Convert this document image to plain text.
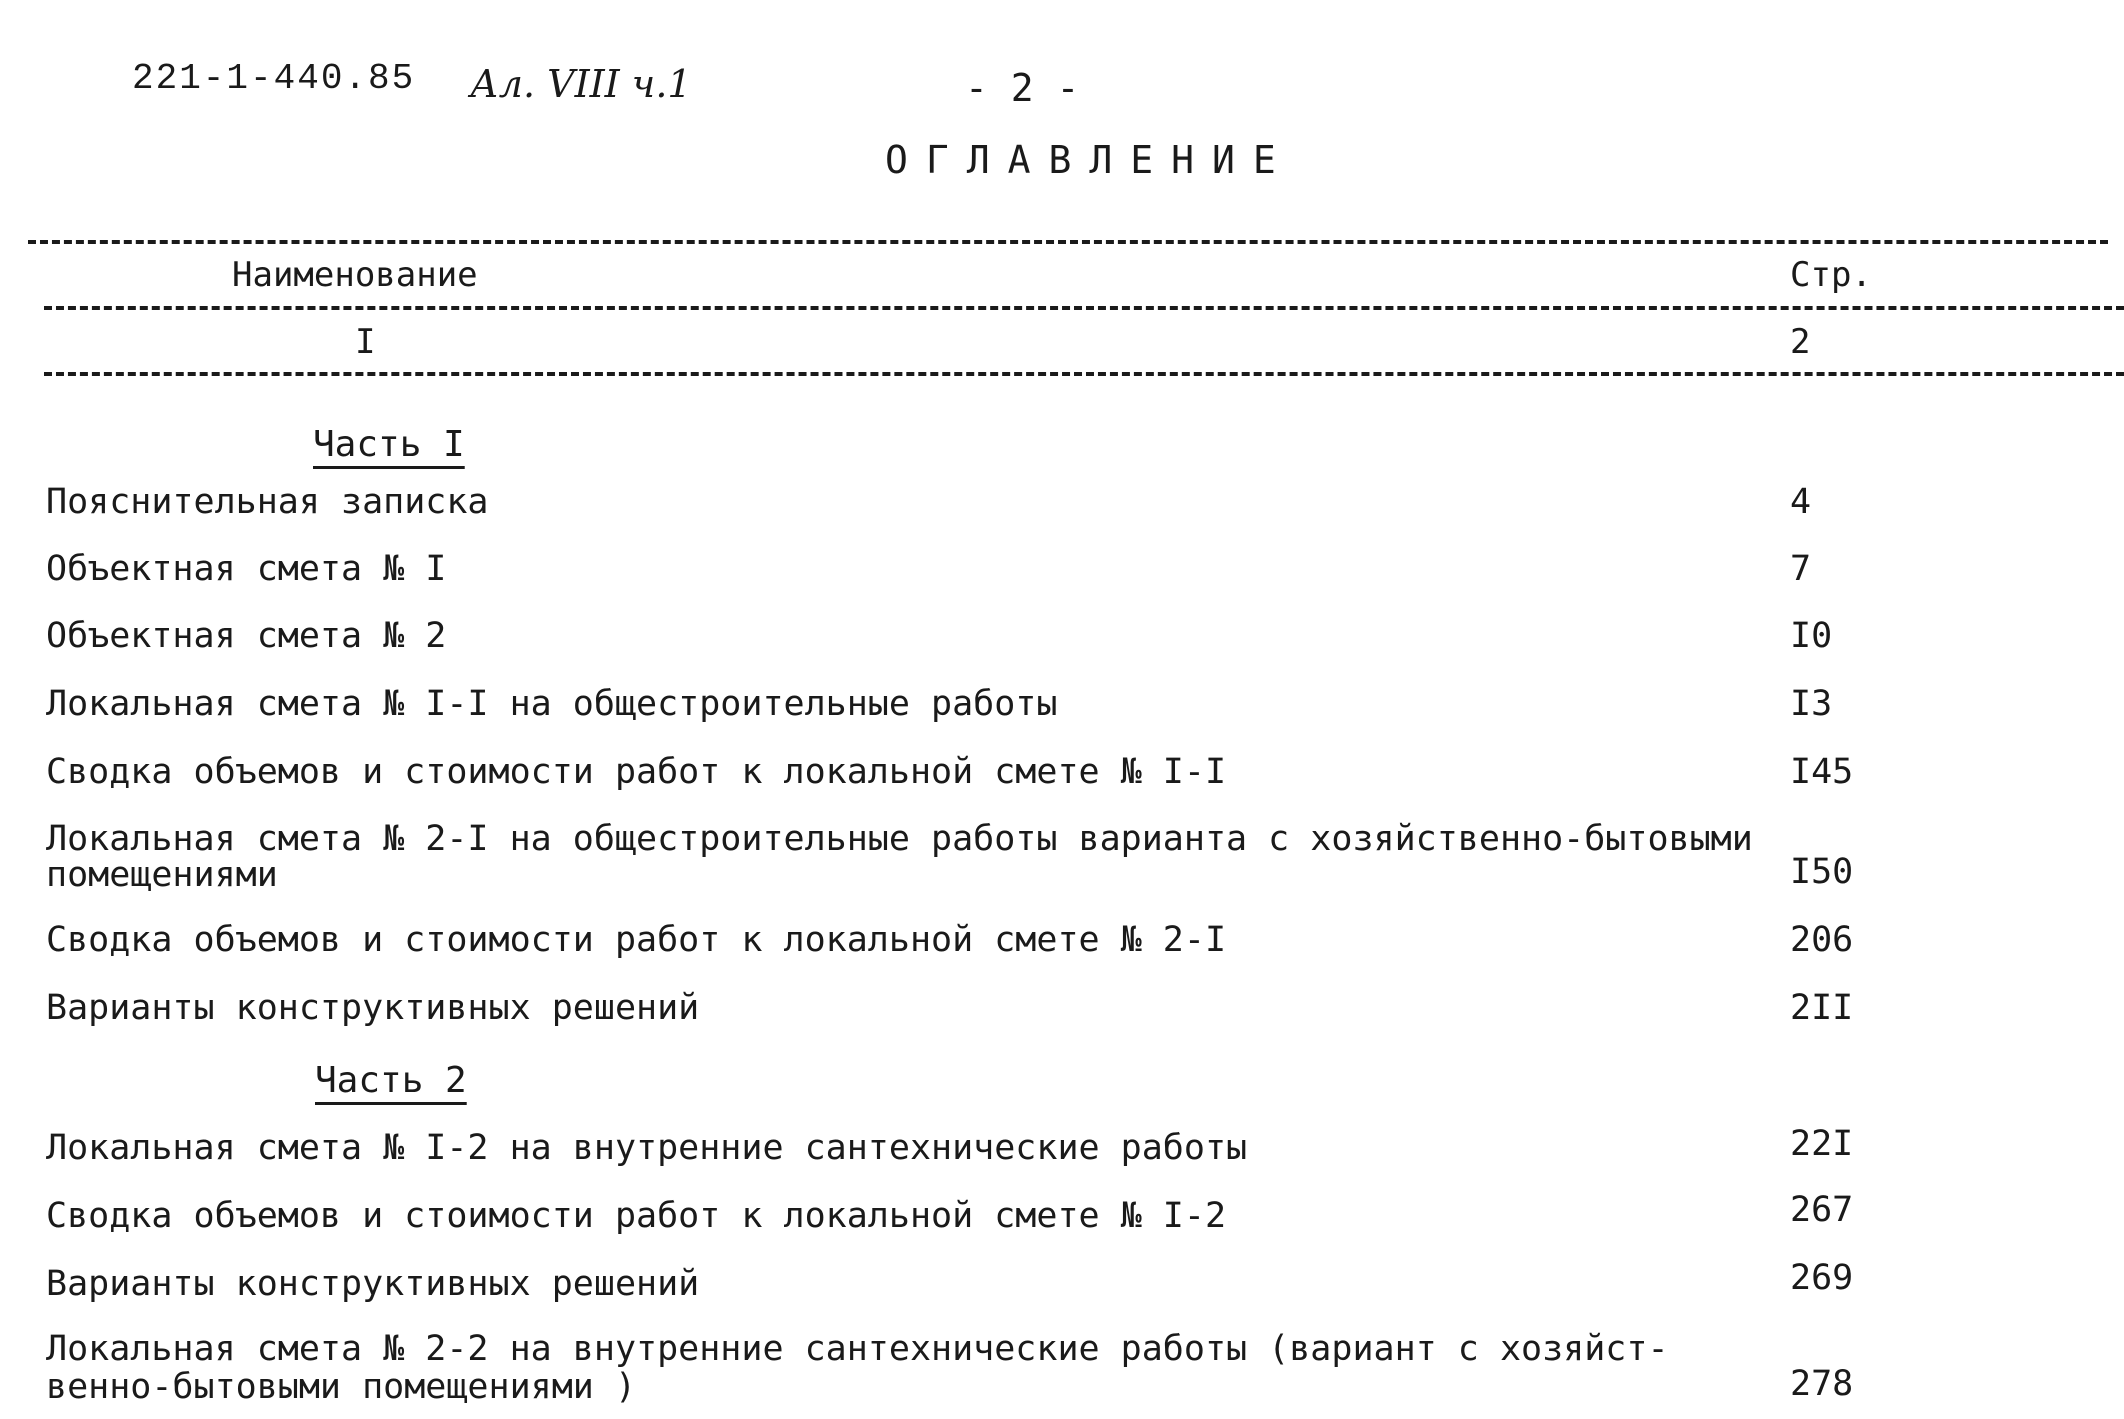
221-1-440.85 Ал. VIII ч.1	- 2 -
ОГЛАВЛЕНИЕ
Наименование	Стр.
I	2
Часть I
Пояснительная записка	4
Объектная смета № I	7
Объектная смета № 2	I0
Локальная смета № I-I на общестроительные работы	I3
Сводка объемов и стоимости работ к локальной смете № I-I	I45
Локальная смета № 2-I на общестроительные работы варианта с хозяйственно-бытовыми
помещениями	I50
Сводка объемов и стоимости работ к локальной смете № 2-I	206
Варианты конструктивных решений	2II
Часть 2
Локальная смета № I-2 на внутренние сантехнические работы	22I
Сводка объемов и стоимости работ к локальной смете № I-2	267
Варианты конструктивных решений	269
Локальная смета № 2-2 на внутренние сантехнические работы (вариант с хозяйст-
венно-бытовыми помещениями )	278
